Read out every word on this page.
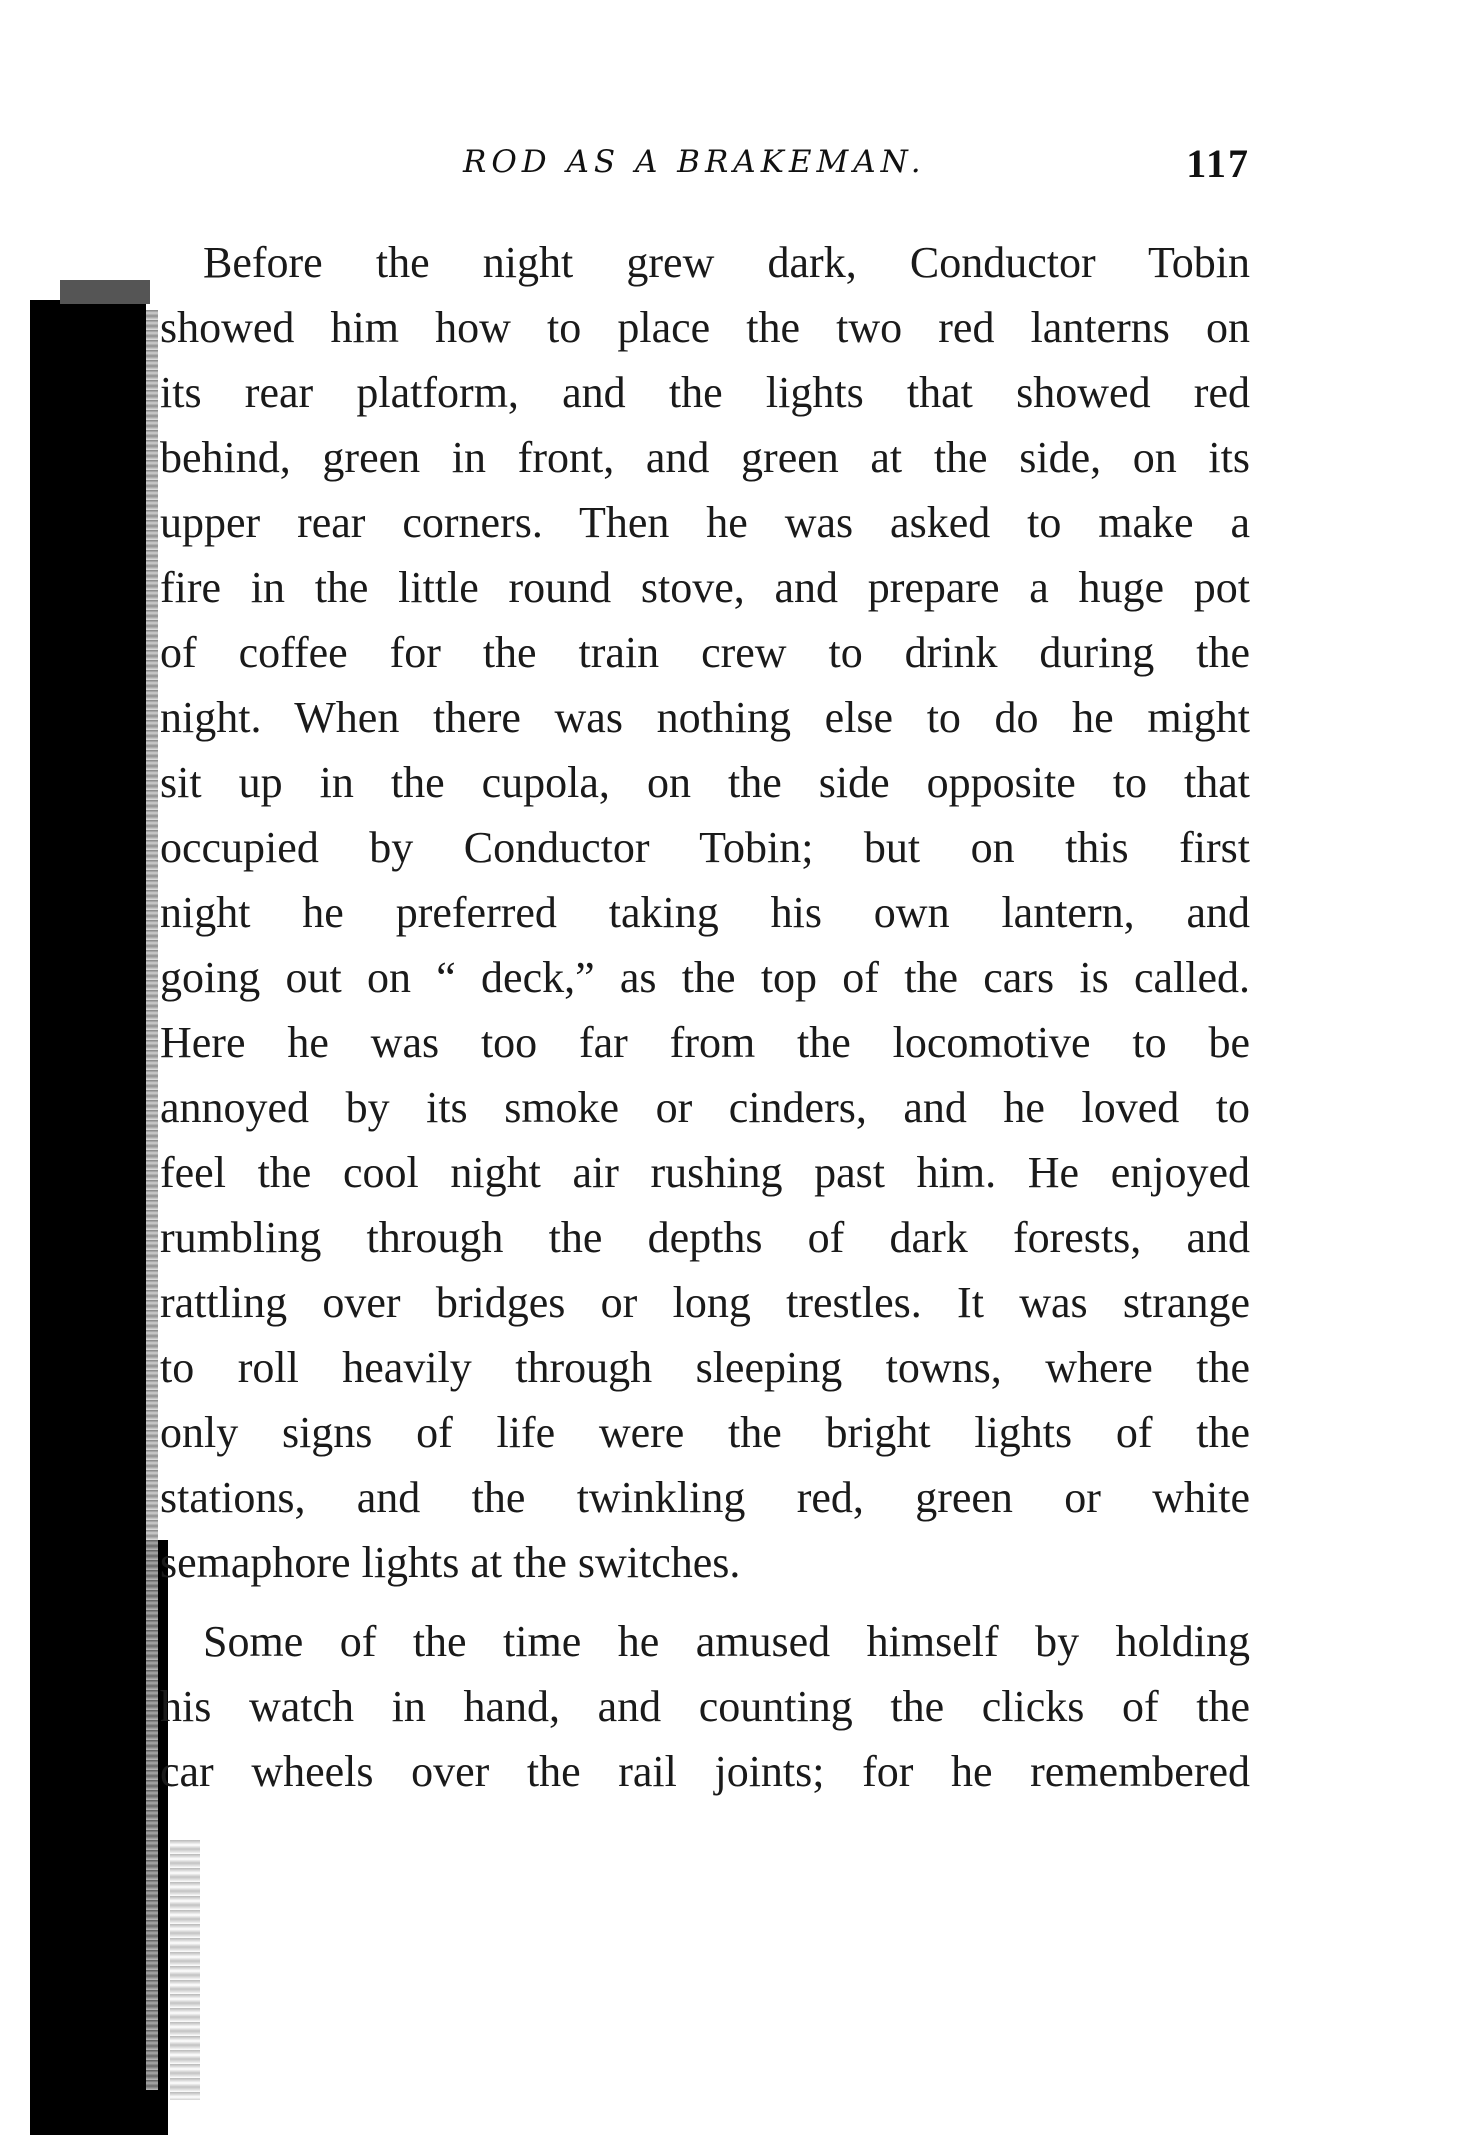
ROD AS A BRAKEMAN.	117
Before the night grew dark, Conductor Tobin
showed him how to place the two red lanterns on
its rear platform, and the lights that showed red
behind, green in front, and green at the side, on its
upper rear corners. Then he was asked to make a
fire in the little round stove, and prepare a huge pot
of coffee for the train crew to drink during the
night. When there was nothing else to do he might
sit up in the cupola, on the side opposite to that
occupied by Conductor Tobin; but on this first
night he preferred taking his own lantern, and
going out on “ deck,” as the top of the cars is called.
Here he was too far from the locomotive to be
annoyed by its smoke or cinders, and he loved to
feel the cool night air rushing past him. He enjoyed
rumbling through the depths of dark forests, and
rattling over bridges or long trestles. It was strange
to roll heavily through sleeping towns, where the
only signs of life were the bright lights of the
stations, and the twinkling red, green or white
semaphore lights at the switches.
Some of the time he amused himself by holding
his watch in hand, and counting the clicks of the
car wheels over the rail joints; for he remembered
